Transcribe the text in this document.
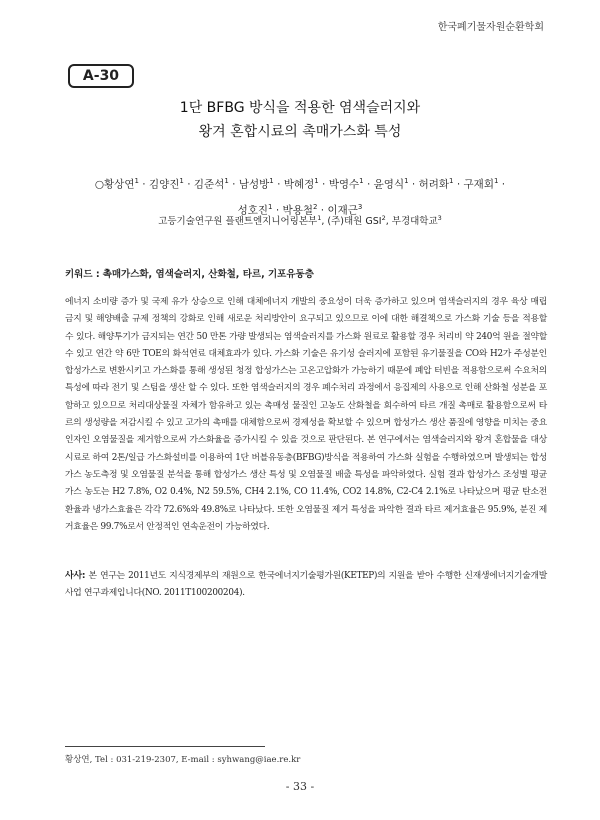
한국폐기물자원순환학회
A-30
1단 BFBG 방식을 적용한 염색슬러지와
왕겨 혼합시료의 촉매가스화 특성
○황상연$^1$ · 김양진$^1$ · 김준석$^1$ · 남성방$^1$ · 박혜정$^1$ · 박영수$^1$ · 윤영식$^1$ · 허려화$^1$ · 구재회$^1$ ·
성호진$^1$ · 박용철$^2$ · 이재근$^3$
고등기술연구원 플랜트엔지니어링본부$^1$, (주)태원 GSI$^2$, 부경대학교$^3$
키워드 : 촉매가스화, 염색슬러지, 산화철, 타르, 기포유동층
에너지 소비량 증가 및 국제 유가 상승으로 인해 대체에너지 개발의 중요성이 더욱 증가하고 있으며 염색슬러지의 경우 육상 매립 금지 및 해양배출 규제 정책의 강화로 인해 새로운 처리방안이 요구되고 있으므로 이에 대한 해결책으로 가스화 기술 등을 적용할 수 있다. 해양투기가 금지되는 연간 50 만톤 가량 발생되는 염색슬러지를 가스화 원료로 활용할 경우 처리비 약 240억 원을 절약할 수 있고 연간 약 6만 TOE의 화석연료 대체효과가 있다. 가스화 기술은 유기성 슬러지에 포함된 유기물질을 CO와 H2가 주성분인 합성가스로 변환시키고 가스화를 통해 생성된 청정 합성가스는 고온고압화가 가능하기 때문에 폐압 터빈을 적용함으로써 수요처의 특성에 따라 전기 및 스팀을 생산 할 수 있다. 또한 염색슬러지의 경우 폐수처리 과정에서 응집제의 사용으로 인해 산화철 성분을 포함하고 있으므로 처리대상물질 자체가 함유하고 있는 촉매성 물질인 고농도 산화철을 회수하여 타르 개질 촉매로 활용함으로써 타르의 생성량을 저감시킬 수 있고 고가의 촉매를 대체함으로써 경제성을 확보할 수 있으며 합성가스 생산 품질에 영향을 미치는 중요 인자인 오염물질을 제거함으로써 가스화율을 증가시킬 수 있을 것으로 판단된다. 본 연구에서는 염색슬러지와 왕겨 혼합물을 대상 시료로 하여 2톤/일급 가스화설비를 이용하여 1단 버블유동층(BFBG)방식을 적용하여 가스화 실험을 수행하였으며 발생되는 합성가스 농도측정 및 오염물질 분석을 통해 합성가스 생산 특성 및 오염물질 배출 특성을 파악하였다. 실험 결과 합성가스 조성별 평균 가스 농도는 H2 7.8%, O2 0.4%, N2 59.5%, CH4 2.1%, CO 11.4%, CO2 14.8%, C2-C4 2.1%로 나타났으며 평균 탄소전환율과 냉가스효율은 각각 72.6%와 49.8%로 나타났다. 또한 오염물질 제거 특성을 파악한 결과 타르 제거효율은 95.9%, 분진 제거효율은 99.7%로서 안정적인 연속운전이 가능하였다.
사사: 본 연구는 2011년도 지식경제부의 재원으로 한국에너지기술평가원(KETEP)의 지원을 받아 수행한 신재생에너지기술개발 사업 연구과제입니다(NO. 2011T100200204).
황상연, Tel : 031-219-2307, E-mail : syhwang@iae.re.kr
- 33 -
